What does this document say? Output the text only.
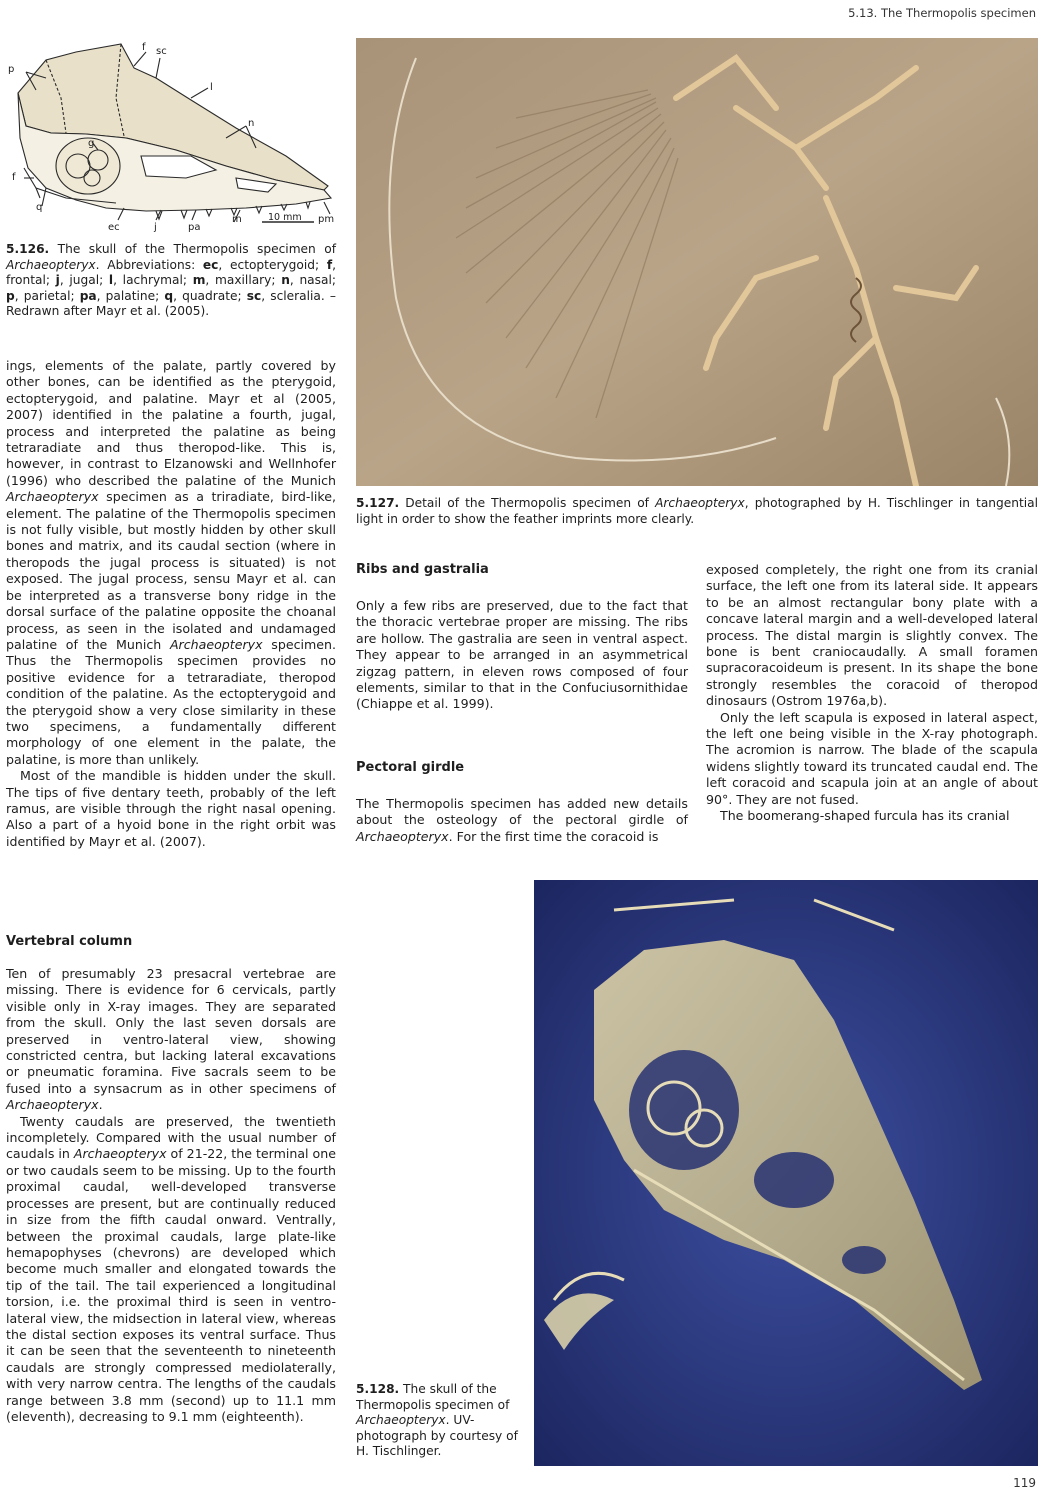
5.13. The Thermopolis specimen
p
f sc
l
n
g
f
q
ec	j	pa
m	10 mm pm
5.126. The skull of the Thermopolis specimen of Archaeopteryx. Abbreviations: ec, ectopterygoid; f, frontal; j, jugal; l, lachrymal; m, maxillary; n, nasal; p, parietal; pa, palatine; q, quadrate; sc, scleralia. – Redrawn after Mayr et al. (2005).

ings, elements of the palate, partly covered by other bones, can be identified as the pterygoid, ectopterygoid, and palatine. Mayr et al (2005, 2007) identified in the palatine a fourth, jugal, process and interpreted the palatine as being tetraradiate and thus theropod-like. This is, however, in contrast to Elzanowski and Wellnhofer (1996) who described the palatine of the Munich Archaeopteryx specimen as a triradiate, bird-like, element. The palatine of the Thermopolis specimen is not fully visible, but mostly hidden by other skull bones and matrix, and its caudal section (where in theropods the jugal process is situated) is not exposed. The jugal process, sensu Mayr et al. can be interpreted as a transverse bony ridge in the dorsal surface of the palatine opposite the choanal process, as seen in the isolated and undamaged palatine of the Munich Archaeopteryx specimen. Thus the Thermopolis specimen provides no positive evidence for a tetraradiate, theropod condition of the palatine. As the ectopterygoid and the pterygoid show a very close similarity in these two specimens, a fundamentally different morphology of one element in the palate, the palatine, is more than unlikely.

Most of the mandible is hidden under the skull. The tips of five dentary teeth, probably of the left ramus, are visible through the right nasal opening. Also a part of a hyoid bone in the right orbit was identified by Mayr et al. (2007).

Vertebral column

Ten of presumably 23 presacral vertebrae are missing. There is evidence for 6 cervicals, partly visible only in X-ray images. They are separated from the skull. Only the last seven dorsals are preserved in ventro-lateral view, showing constricted centra, but lacking lateral excavations or pneumatic foramina. Five sacrals seem to be fused into a synsacrum as in other specimens of Archaeopteryx.

Twenty caudals are preserved, the twentieth incompletely. Compared with the usual number of caudals in Archaeopteryx of 21-22, the terminal one or two caudals seem to be missing. Up to the fourth proximal caudal, well-developed transverse processes are present, but are continually reduced in size from the fifth caudal onward. Ventrally, between the proximal caudals, large plate-like hemapophyses (chevrons) are developed which become much smaller and elongated towards the tip of the tail. The tail experienced a longitudinal torsion, i.e. the proximal third is seen in ventro-lateral view, the midsection in lateral view, whereas the distal section exposes its ventral surface. Thus it can be seen that the seventeenth to nineteenth caudals are strongly compressed mediolaterally, with very narrow centra. The lengths of the caudals range between 3.8 mm (second) up to 11.1 mm (eleventh), decreasing to 9.1 mm (eighteenth).

5.127. Detail of the Thermopolis specimen of Archaeopteryx, photographed by H. Tischlinger in tangential light in order to show the feather imprints more clearly.
Ribs and gastralia

Only a few ribs are preserved, due to the fact that the thoracic vertebrae proper are missing. The ribs are hollow. The gastralia are seen in ventral aspect. They appear to be arranged in an asymmetrical zigzag pattern, in eleven rows composed of four elements, similar to that in the Confuciusornithidae (Chiappe et al. 1999).

Pectoral girdle

The Thermopolis specimen has added new details about the osteology of the pectoral girdle of Archaeopteryx. For the first time the coracoid is

exposed completely, the right one from its cranial surface, the left one from its lateral side. It appears to be an almost rectangular bony plate with a concave lateral margin and a well-developed lateral process. The distal margin is slightly convex. The bone is bent craniocaudally. A small foramen supracoracoideum is present. In its shape the bone strongly resembles the coracoid of theropod dinosaurs (Ostrom 1976a,b).

Only the left scapula is exposed in lateral aspect, the left one being visible in the X-ray photograph. The acromion is narrow. The blade of the scapula widens slightly toward its truncated caudal end. The left coracoid and scapula join at an angle of about 90°. They are not fused.

The boomerang-shaped furcula has its cranial

5.128. The skull of the Thermopolis specimen of Archaeopteryx. UV-photograph by courtesy of H. Tischlinger.
119
